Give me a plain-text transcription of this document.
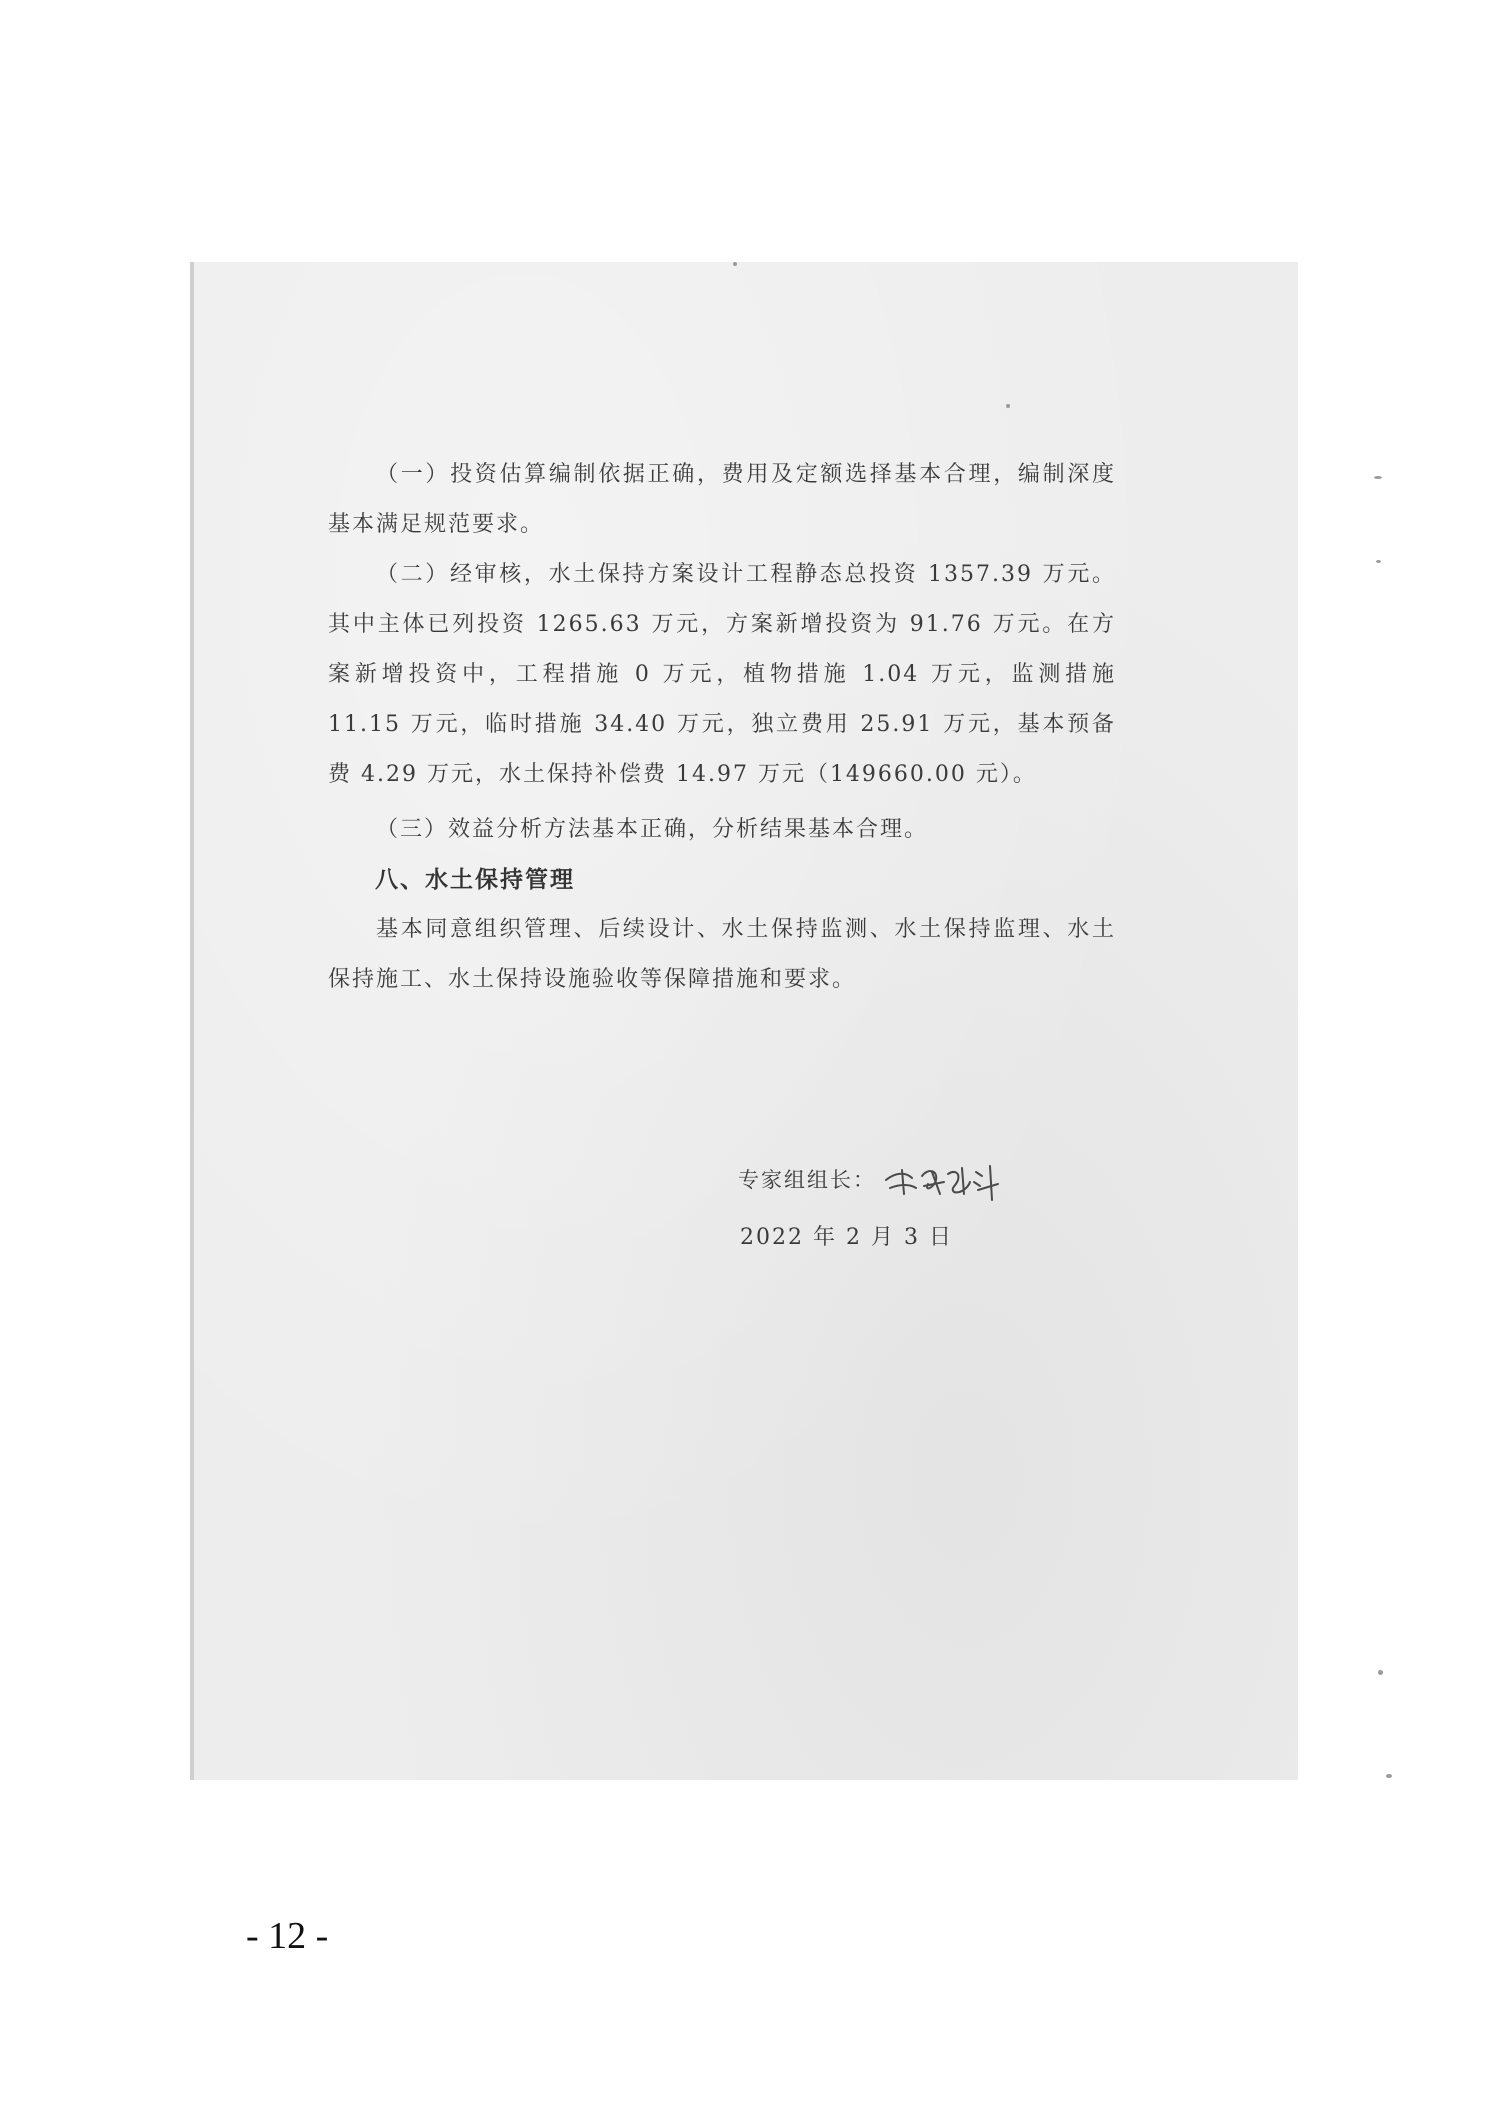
（一）投资估算编制依据正确，费用及定额选择基本合理，编制深度基本满足规范要求。

（二）经审核，水土保持方案设计工程静态总投资 1357.39 万元。其中主体已列投资 1265.63 万元，方案新增投资为 91.76 万元。在方案新增投资中，工程措施 0 万元，植物措施 1.04 万元，监测措施 11.15 万元，临时措施 34.40 万元，独立费用 25.91 万元，基本预备费 4.29 万元，水土保持补偿费 14.97 万元（149660.00 元）。

（三）效益分析方法基本正确，分析结果基本合理。

八、水土保持管理

基本同意组织管理、后续设计、水土保持监测、水土保持监理、水土保持施工、水土保持设施验收等保障措施和要求。

专家组组长：
2022 年 2 月 3 日
- 12 -
